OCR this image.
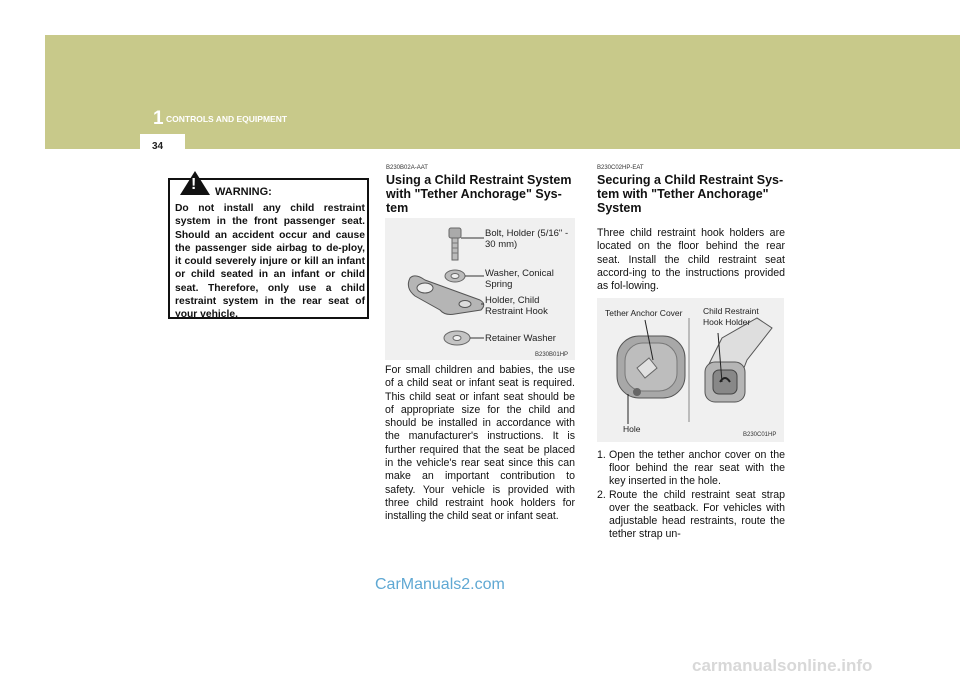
1 CONTROLS AND EQUIPMENT
34
! WARNING:
Do not install any child restraint system in the front passenger seat. Should an accident occur and cause the passenger side airbag to de-ploy, it could severely injure or kill an infant or child seated in an infant or child seat. Therefore, only use a child restraint system in the rear seat of your vehicle.
B230B02A-AAT
Using a Child Restraint System with "Tether Anchorage" Sys-tem
Bolt, Holder (5/16" - 30 mm)
Washer, Conical Spring
Holder, Child Restraint Hook
Retainer Washer
B230B01HP
For small children and babies, the use of a child seat or infant seat is required. This child seat or infant seat should be of appropriate size for the child and should be installed in accordance with the manufacturer's instructions. It is further required that the seat be placed in the vehicle's rear seat since this can make an important contribution to safety. Your vehicle is provided with three child restraint hook holders for installing the child seat or infant seat.
B230C02HP-EAT
Securing a Child Restraint Sys-tem with "Tether Anchorage" System
Three child restraint hook holders are located on the floor behind the rear seat. Install the child restraint seat accord-ing to the instructions provided as fol-lowing.
Tether Anchor Cover Child Restraint Hook Holder
Hole
B230C01HP
1. Open the tether anchor cover on the floor behind the rear seat with the key inserted in the hole.
2. Route the child restraint seat strap over the seatback. For vehicles with adjustable head restraints, route the tether strap un-
CarManuals2.com
carmanualsonline.info
